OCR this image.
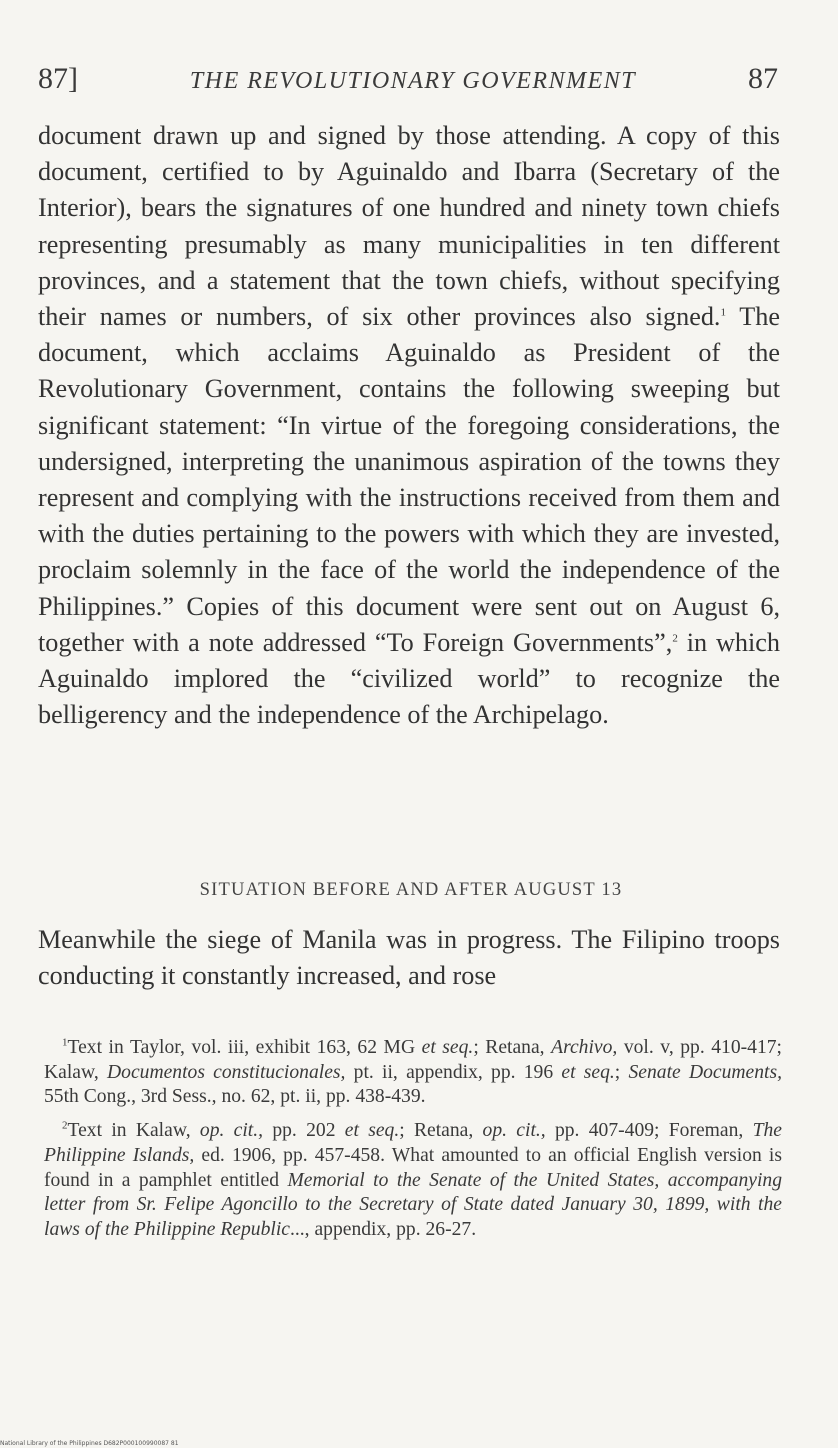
87]	THE REVOLUTIONARY GOVERNMENT	87

document drawn up and signed by those attending. A copy of this document, certified to by Aguinaldo and Ibarra (Secretary of the Interior), bears the signatures of one hundred and ninety town chiefs representing presumably as many municipalities in ten different provinces, and a statement that the town chiefs, without specifying their names or numbers, of six other provinces also signed.$^1$ The document, which acclaims Aguinaldo as President of the Revolutionary Government, contains the following sweeping but significant statement: “In virtue of the foregoing considerations, the undersigned, interpreting the unanimous aspiration of the towns they represent and complying with the instructions received from them and with the duties pertaining to the powers with which they are invested, proclaim solemnly in the face of the world the independence of the Philippines.” Copies of this document were sent out on August 6, together with a note addressed “To Foreign Governments”,$^2$ in which Aguinaldo implored the “civilized world” to recognize the belligerency and the independence of the Archipelago.

SITUATION BEFORE AND AFTER AUGUST 13

Meanwhile the siege of Manila was in progress. The Filipino troops conducting it constantly increased, and rose

$^1$Text in Taylor, vol. iii, exhibit 163, 62 MG et seq.; Retana, Archivo, vol. v, pp. 410-417; Kalaw, Documentos constitucionales, pt. ii, appendix, pp. 196 et seq.; Senate Documents, 55th Cong., 3rd Sess., no. 62, pt. ii, pp. 438-439.

$^2$Text in Kalaw, op. cit., pp. 202 et seq.; Retana, op. cit., pp. 407-409; Foreman, The Philippine Islands, ed. 1906, pp. 457-458. What amounted to an official English version is found in a pamphlet entitled Memorial to the Senate of the United States, accompanying letter from Sr. Felipe Agoncillo to the Secretary of State dated January 30, 1899, with the laws of the Philippine Republic..., appendix, pp. 26-27.

National Library of the Philippines D682P000100990087 81
